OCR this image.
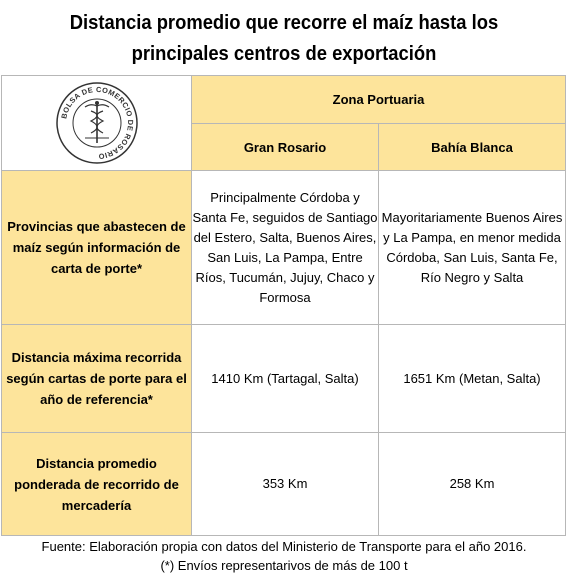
Distancia promedio que recorre el maíz hasta los principales centros de exportación
BOLSA DE COMERCIO DE ROSARIO	Zona Portuaria	
	Gran Rosario	Bahía Blanca
Provincias que abastecen de maíz según información de carta de porte*	Principalmente Córdoba y Santa Fe, seguidos de Santiago del Estero, Salta, Buenos Aires, San Luis, La Pampa, Entre Ríos, Tucumán, Jujuy, Chaco y Formosa	Mayoritariamente Buenos Aires y La Pampa, en menor medida Córdoba, San Luis, Santa Fe, Río Negro y Salta
Distancia máxima recorrida según cartas de porte para el año de referencia*	1410 Km (Tartagal, Salta)	1651 Km (Metan, Salta)
Distancia promedio ponderada de recorrido de mercadería	353 Km	258 Km
Fuente: Elaboración propia con datos del Ministerio de Transporte para el año 2016.
(*) Envíos representarivos de más de 100 t
